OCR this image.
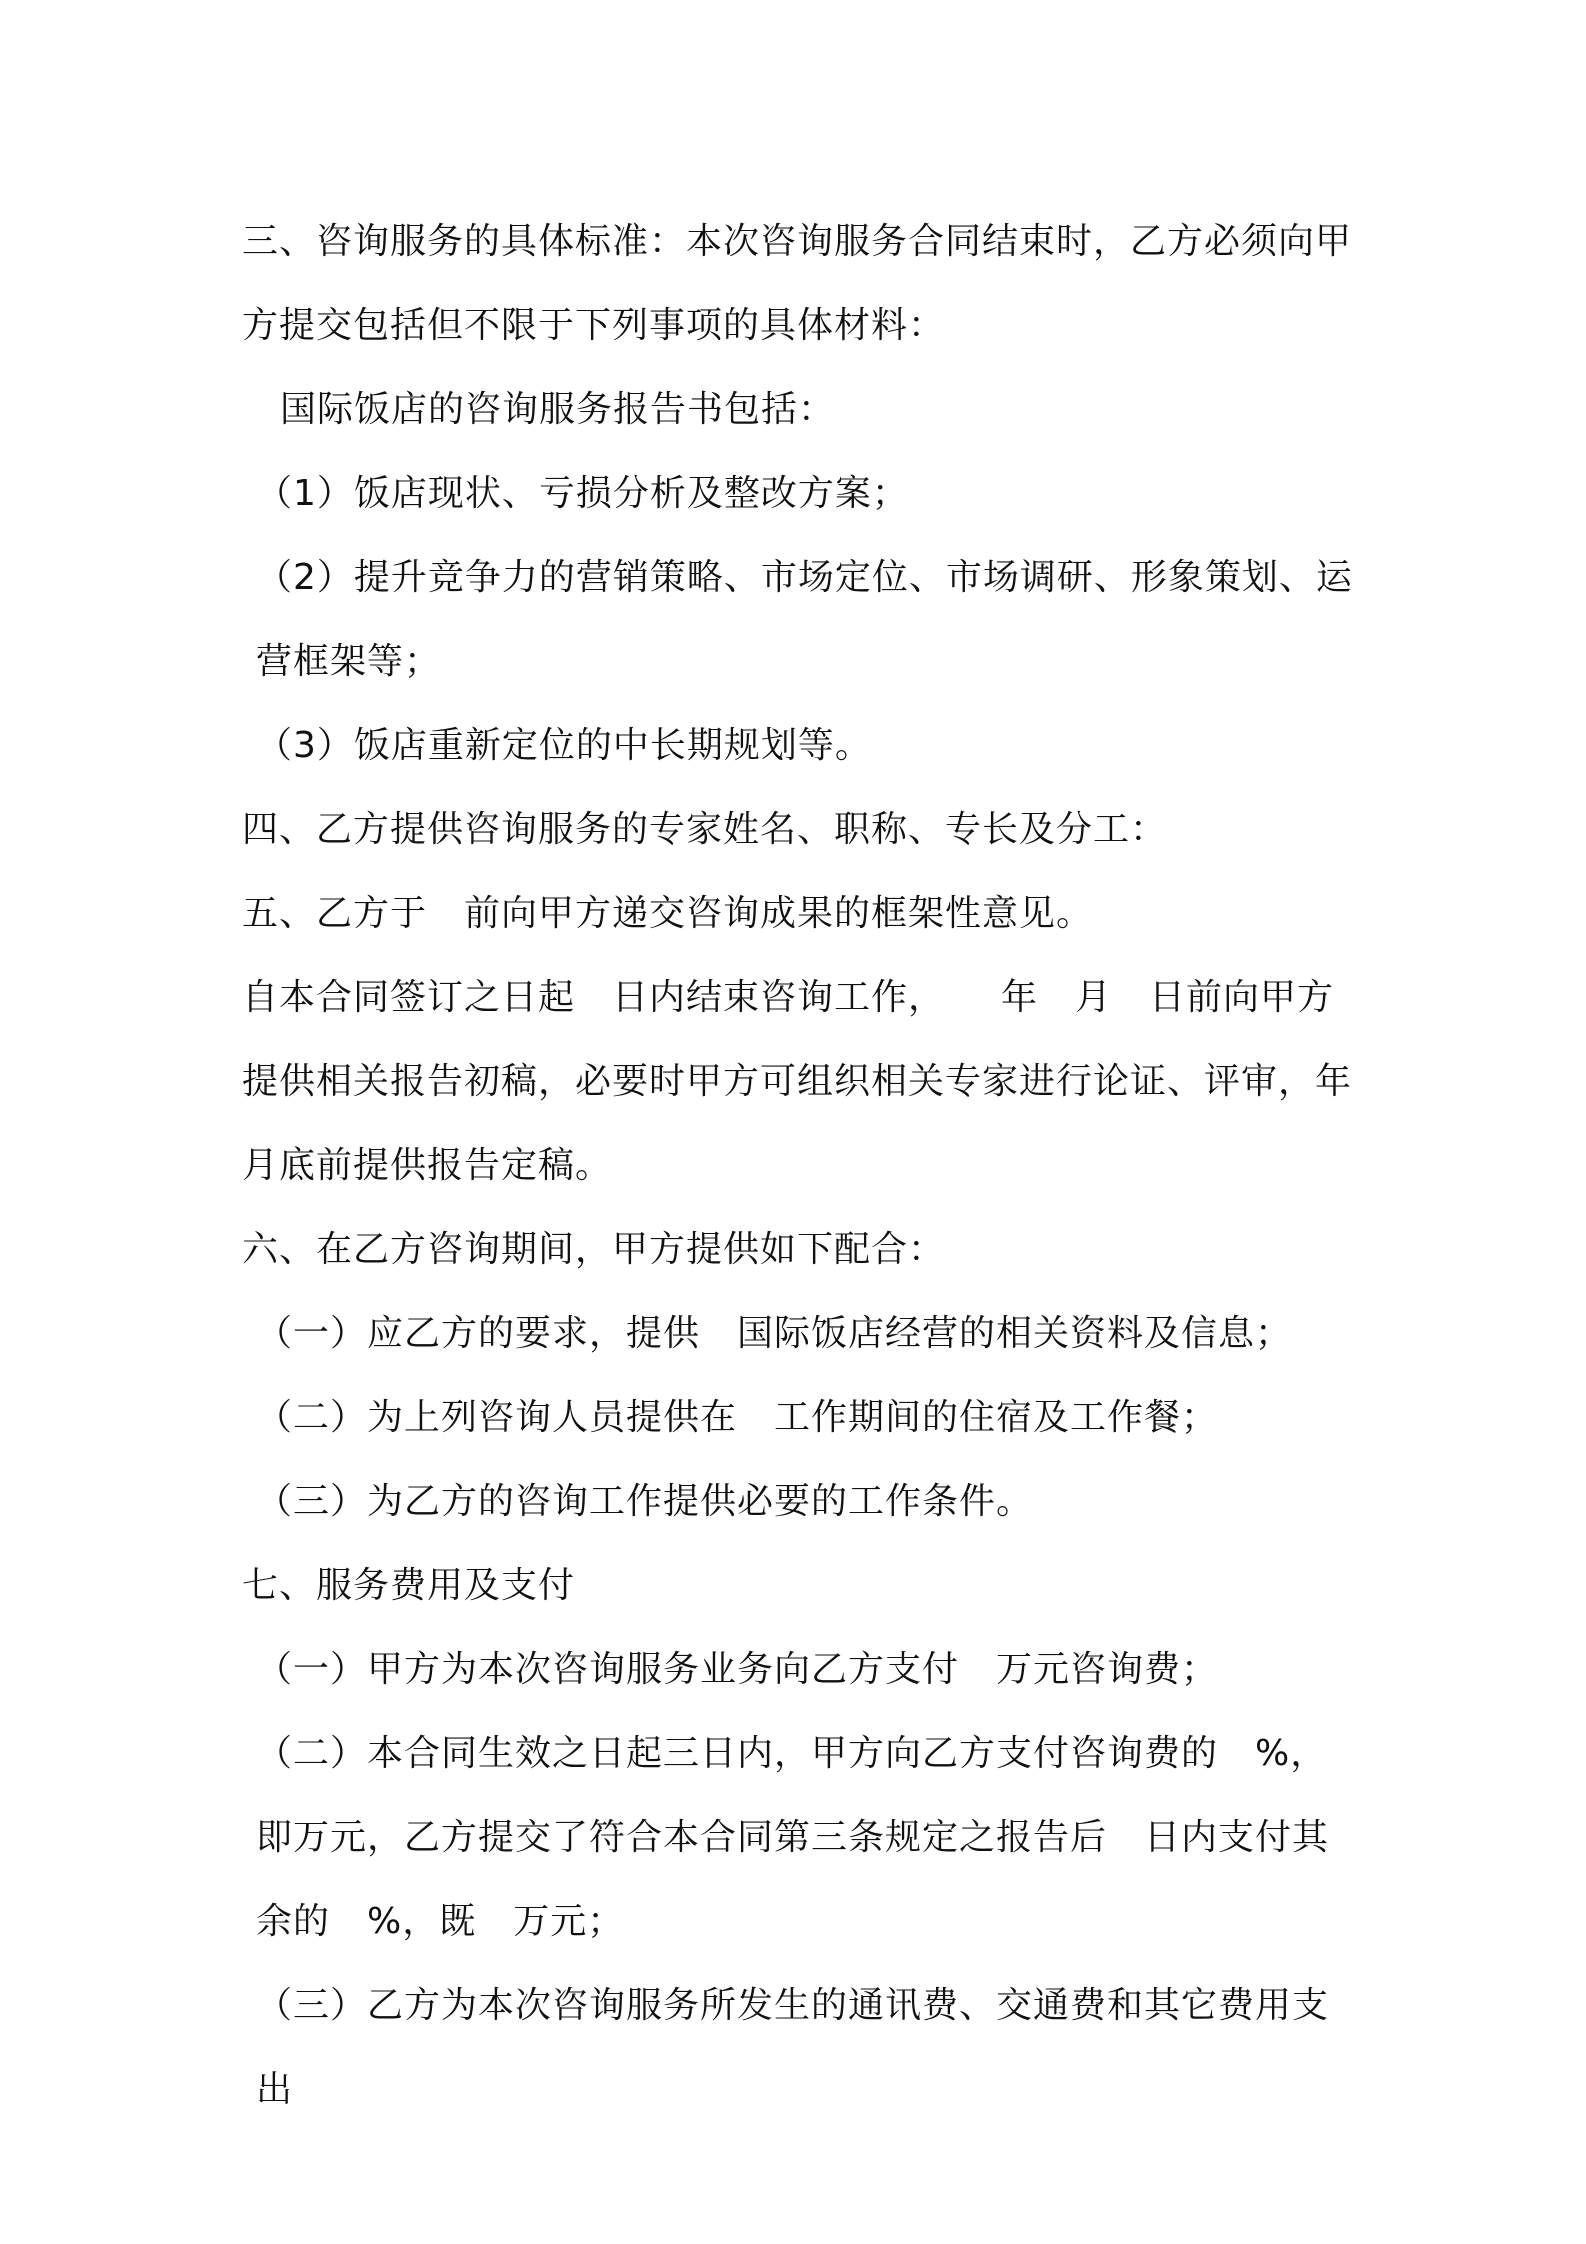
三、咨询服务的具体标准：本次咨询服务合同结束时，乙方必须向甲方提交包括但不限于下列事项的具体材料：

国际饭店的咨询服务报告书包括：

（1）饭店现状、亏损分析及整改方案；

（2）提升竞争力的营销策略、市场定位、市场调研、形象策划、运营框架等；

（3）饭店重新定位的中长期规划等。

四、乙方提供咨询服务的专家姓名、职称、专长及分工：

五、乙方于　前向甲方递交咨询成果的框架性意见。

自本合同签订之日起　日内结束咨询工作，　　年　月　日前向甲方提供相关报告初稿，必要时甲方可组织相关专家进行论证、评审，年　月底前提供报告定稿。

六、在乙方咨询期间，甲方提供如下配合：

（一）应乙方的要求，提供　国际饭店经营的相关资料及信息；

（二）为上列咨询人员提供在　工作期间的住宿及工作餐；

（三）为乙方的咨询工作提供必要的工作条件。

七、服务费用及支付

（一）甲方为本次咨询服务业务向乙方支付　万元咨询费；

（二）本合同生效之日起三日内，甲方向乙方支付咨询费的　%，即万元，乙方提交了符合本合同第三条规定之报告后　日内支付其余的　%，既　万元；

（三）乙方为本次咨询服务所发生的通讯费、交通费和其它费用支出
